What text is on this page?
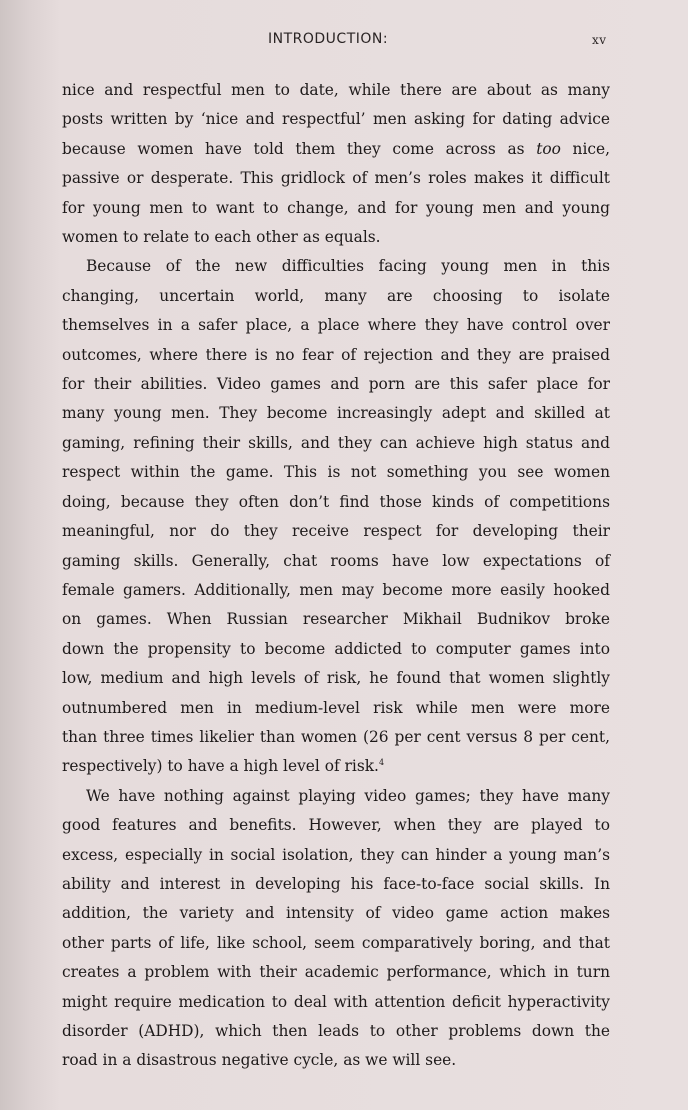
INTRODUCTION:	xv
nice and respectful men to date, while there are about as many
posts written by ‘nice and respectful’ men asking for dating advice
because women have told them they come across as too nice,
passive or desperate. This gridlock of men’s roles makes it difficult
for young men to want to change, and for young men and young
women to relate to each other as equals.
Because of the new difficulties facing young men in this
changing, uncertain world, many are choosing to isolate
themselves in a safer place, a place where they have control over
outcomes, where there is no fear of rejection and they are praised
for their abilities. Video games and porn are this safer place for
many young men. They become increasingly adept and skilled at
gaming, refining their skills, and they can achieve high status and
respect within the game. This is not something you see women
doing, because they often don’t find those kinds of competitions
meaningful, nor do they receive respect for developing their
gaming skills. Generally, chat rooms have low expectations of
female gamers. Additionally, men may become more easily hooked
on games. When Russian researcher Mikhail Budnikov broke
down the propensity to become addicted to computer games into
low, medium and high levels of risk, he found that women slightly
outnumbered men in medium-level risk while men were more
than three times likelier than women (26 per cent versus 8 per cent,
respectively) to have a high level of risk.$^4$
We have nothing against playing video games; they have many
good features and benefits. However, when they are played to
excess, especially in social isolation, they can hinder a young man’s
ability and interest in developing his face-to-face social skills. In
addition, the variety and intensity of video game action makes
other parts of life, like school, seem comparatively boring, and that
creates a problem with their academic performance, which in turn
might require medication to deal with attention deficit hyperactivity
disorder (ADHD), which then leads to other problems down the
road in a disastrous negative cycle, as we will see.
